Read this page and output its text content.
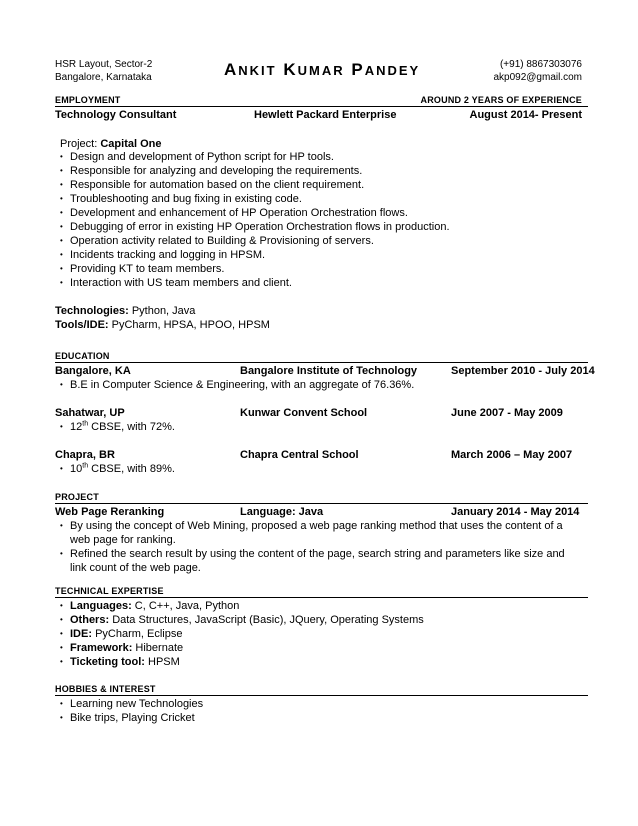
HSR Layout, Sector-2
Bangalore, Karnataka	ANKIT KUMAR PANDEY	(+91) 8867303076
akp092@gmail.com
EMPLOYMENT	AROUND 2 YEARS OF EXPERIENCE
Technology Consultant	Hewlett Packard Enterprise	August 2014- Present
Project: Capital One
• Design and development of Python script for HP tools.
• Responsible for analyzing and developing the requirements.
• Responsible for automation based on the client requirement.
• Troubleshooting and bug fixing in existing code.
• Development and enhancement of HP Operation Orchestration flows.
• Debugging of error in existing HP Operation Orchestration flows in production.
• Operation activity related to Building & Provisioning of servers.
• Incidents tracking and logging in HPSM.
• Providing KT to team members.
• Interaction with US team members and client.
Technologies: Python, Java
Tools/IDE: PyCharm, HPSA, HPOO, HPSM
EDUCATION
Bangalore, KA	Bangalore Institute of Technology	September 2010 - July 2014
• B.E in Computer Science & Engineering, with an aggregate of 76.36%.
Sahatwar, UP	Kunwar Convent School	June 2007 - May 2009
• 12th CBSE, with 72%.
Chapra, BR	Chapra Central School	March 2006 – May 2007
• 10th CBSE, with 89%.
PROJECT
Web Page Reranking	Language: Java	January 2014 - May 2014
• By using the concept of Web Mining, proposed a web page ranking method that uses the content of a web page for ranking.
• Refined the search result by using the content of the page, search string and parameters like size and link count of the web page.
TECHNICAL EXPERTISE
• Languages: C, C++, Java, Python
• Others: Data Structures, JavaScript (Basic), JQuery, Operating Systems
• IDE: PyCharm, Eclipse
• Framework: Hibernate
• Ticketing tool: HPSM
HOBBIES & INTEREST
• Learning new Technologies
• Bike trips, Playing Cricket
